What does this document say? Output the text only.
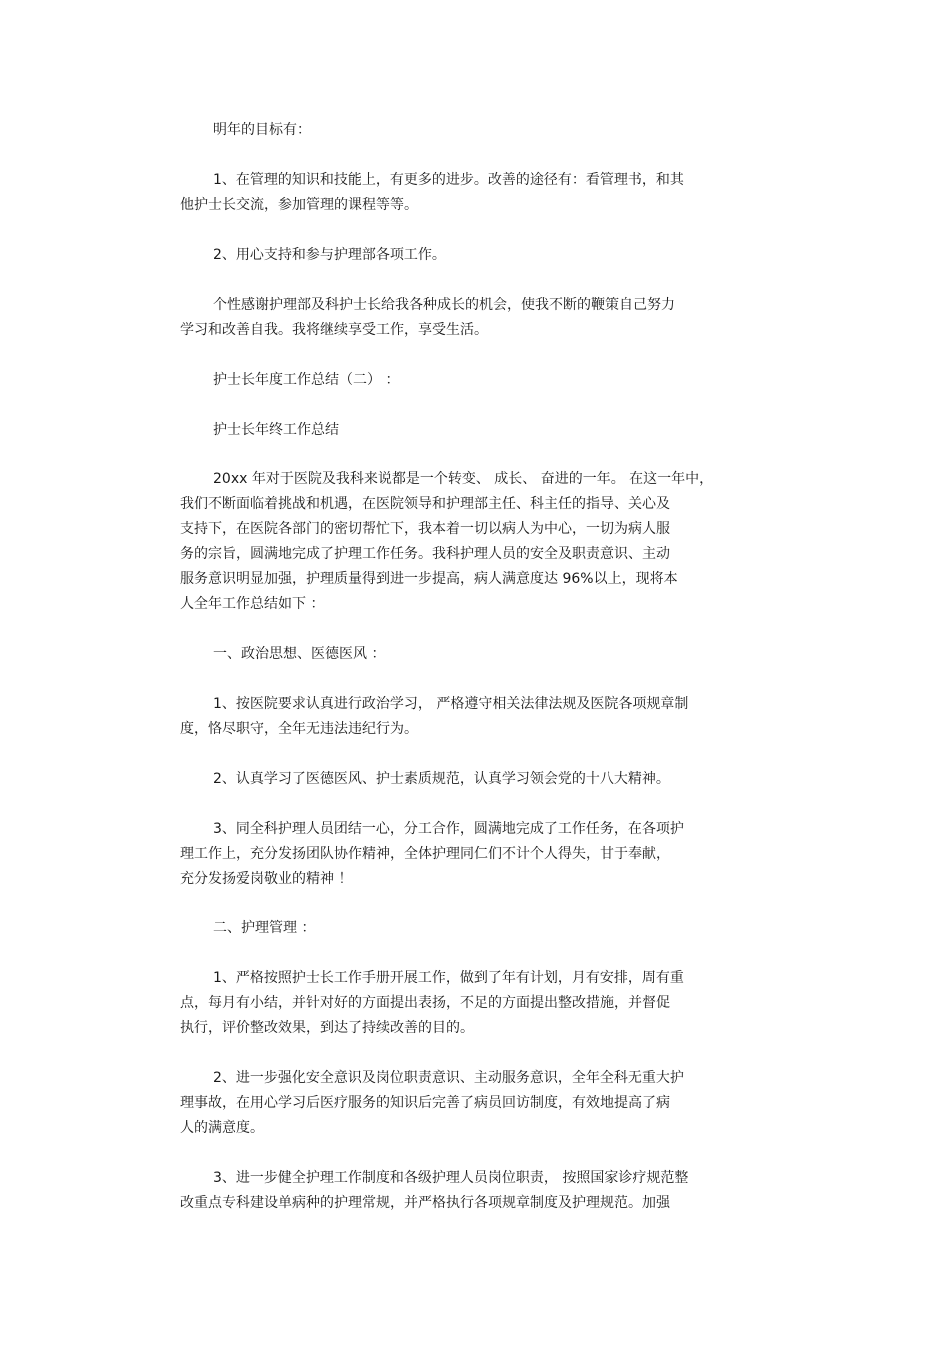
明年的目标有：
1、在管理的知识和技能上，有更多的进步。改善的途径有：看管理书，和其
他护士长交流，参加管理的课程等等。
2、用心支持和参与护理部各项工作。
个性感谢护理部及科护士长给我各种成长的机会，使我不断的鞭策自己努力
学习和改善自我。我将继续享受工作，享受生活。
护士长年度工作总结（二） ：
护士长年终工作总结
20xx 年对于医院及我科来说都是一个转变、 成长、 奋进的一年。 在这一年中，
我们不断面临着挑战和机遇，在医院领导和护理部主任、科主任的指导、关心及
支持下，在医院各部门的密切帮忙下，我本着一切以病人为中心，一切为病人服
务的宗旨，圆满地完成了护理工作任务。我科护理人员的安全及职责意识、主动
服务意识明显加强，护理质量得到进一步提高，病人满意度达 96%以上，现将本
人全年工作总结如下 ：
一、政治思想、医德医风 ：
1、按医院要求认真进行政治学习， 严格遵守相关法律法规及医院各项规章制
度，恪尽职守，全年无违法违纪行为。
2、认真学习了医德医风、护士素质规范，认真学习领会党的十八大精神。
3、同全科护理人员团结一心，分工合作，圆满地完成了工作任务，在各项护
理工作上，充分发扬团队协作精神，全体护理同仁们不计个人得失，甘于奉献，
充分发扬爱岗敬业的精神 ！
二、护理管理 ：
1、严格按照护士长工作手册开展工作，做到了年有计划，月有安排，周有重
点，每月有小结，并针对好的方面提出表扬，不足的方面提出整改措施，并督促
执行，评价整改效果，到达了持续改善的目的。
2、进一步强化安全意识及岗位职责意识、主动服务意识，全年全科无重大护
理事故，在用心学习后医疗服务的知识后完善了病员回访制度，有效地提高了病
人的满意度。
3、进一步健全护理工作制度和各级护理人员岗位职责， 按照国家诊疗规范整
改重点专科建设单病种的护理常规，并严格执行各项规章制度及护理规范。加强
